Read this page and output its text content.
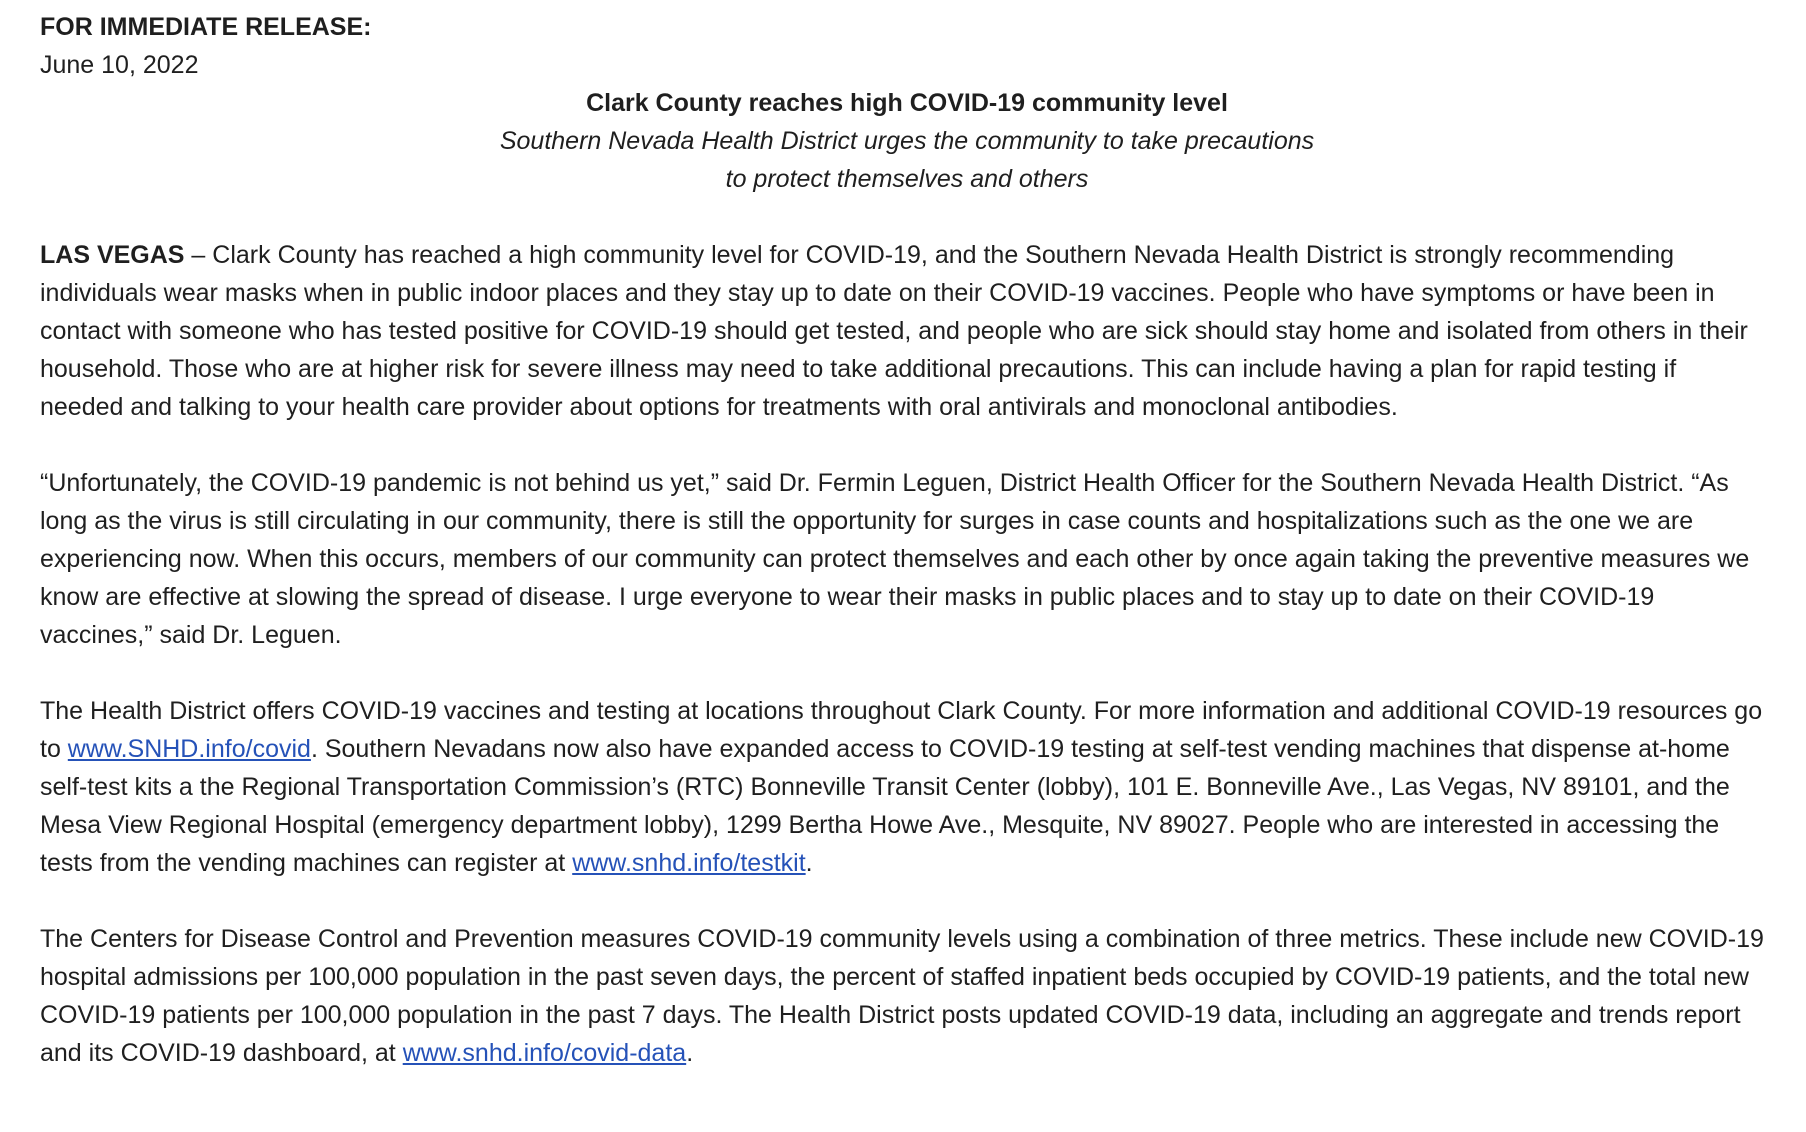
FOR IMMEDIATE RELEASE:

June 10, 2022

Clark County reaches high COVID-19 community level

Southern Nevada Health District urges the community to take precautions

to protect themselves and others

LAS VEGAS – Clark County has reached a high community level for COVID-19, and the Southern Nevada Health District is strongly recommending individuals wear masks when in public indoor places and they stay up to date on their COVID-19 vaccines. People who have symptoms or have been in contact with someone who has tested positive for COVID-19 should get tested, and people who are sick should stay home and isolated from others in their household. Those who are at higher risk for severe illness may need to take additional precautions. This can include having a plan for rapid testing if needed and talking to your health care provider about options for treatments with oral antivirals and monoclonal antibodies.

“Unfortunately, the COVID-19 pandemic is not behind us yet,” said Dr. Fermin Leguen, District Health Officer for the Southern Nevada Health District. “As long as the virus is still circulating in our community, there is still the opportunity for surges in case counts and hospitalizations such as the one we are experiencing now. When this occurs, members of our community can protect themselves and each other by once again taking the preventive measures we know are effective at slowing the spread of disease. I urge everyone to wear their masks in public places and to stay up to date on their COVID-19 vaccines,” said Dr. Leguen.

The Health District offers COVID-19 vaccines and testing at locations throughout Clark County. For more information and additional COVID-19 resources go to www.SNHD.info/covid. Southern Nevadans now also have expanded access to COVID-19 testing at self-test vending machines that dispense at-home self-test kits a the Regional Transportation Commission’s (RTC) Bonneville Transit Center (lobby), 101 E. Bonneville Ave., Las Vegas, NV 89101, and the Mesa View Regional Hospital (emergency department lobby), 1299 Bertha Howe Ave., Mesquite, NV 89027. People who are interested in accessing the tests from the vending machines can register at www.snhd.info/testkit.

The Centers for Disease Control and Prevention measures COVID-19 community levels using a combination of three metrics. These include new COVID-19 hospital admissions per 100,000 population in the past seven days, the percent of staffed inpatient beds occupied by COVID-19 patients, and the total new COVID-19 patients per 100,000 population in the past 7 days. The Health District posts updated COVID-19 data, including an aggregate and trends report and its COVID-19 dashboard, at www.snhd.info/covid-data.
